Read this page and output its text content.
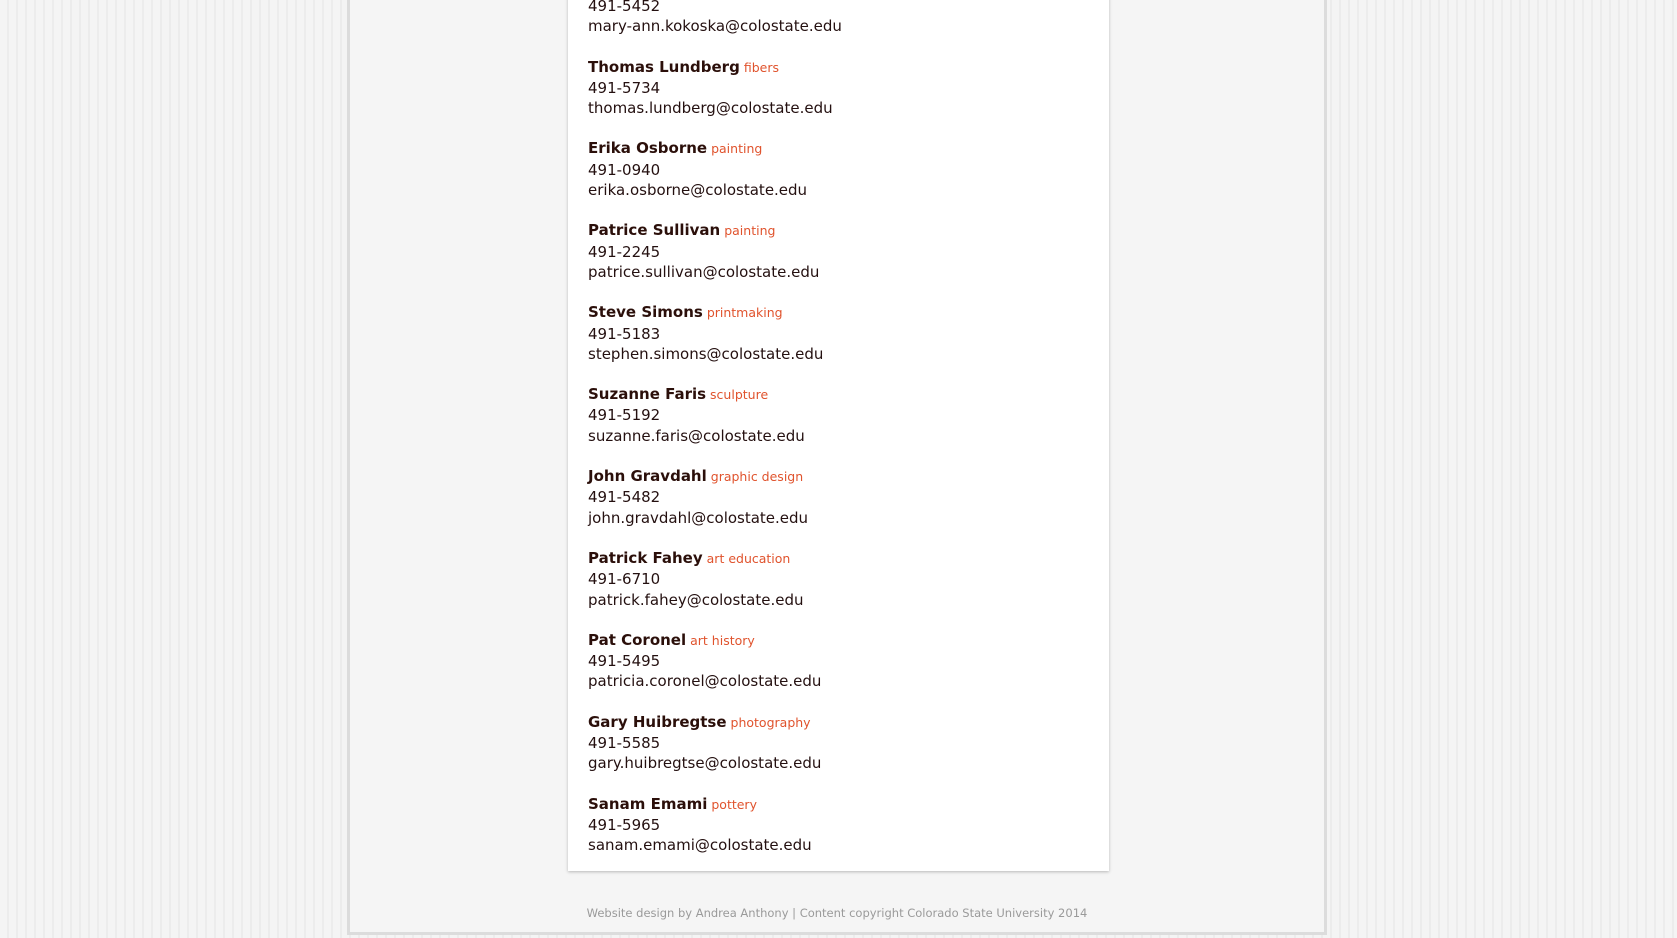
491-5452
mary-ann.kokoska@colostate.edu
Thomas Lundberg fibers
491-5734
thomas.lundberg@colostate.edu
Erika Osborne painting
491-0940
erika.osborne@colostate.edu
Patrice Sullivan painting
491-2245
patrice.sullivan@colostate.edu
Steve Simons printmaking
491-5183
stephen.simons@colostate.edu
Suzanne Faris sculpture
491-5192
suzanne.faris@colostate.edu
John Gravdahl graphic design
491-5482
john.gravdahl@colostate.edu
Patrick Fahey art education
491-6710
patrick.fahey@colostate.edu
Pat Coronel art history
491-5495
patricia.coronel@colostate.edu
Gary Huibregtse photography
491-5585
gary.huibregtse@colostate.edu
Sanam Emami pottery
491-5965
sanam.emami@colostate.edu
Website design by Andrea Anthony | Content copyright Colorado State University 2014
